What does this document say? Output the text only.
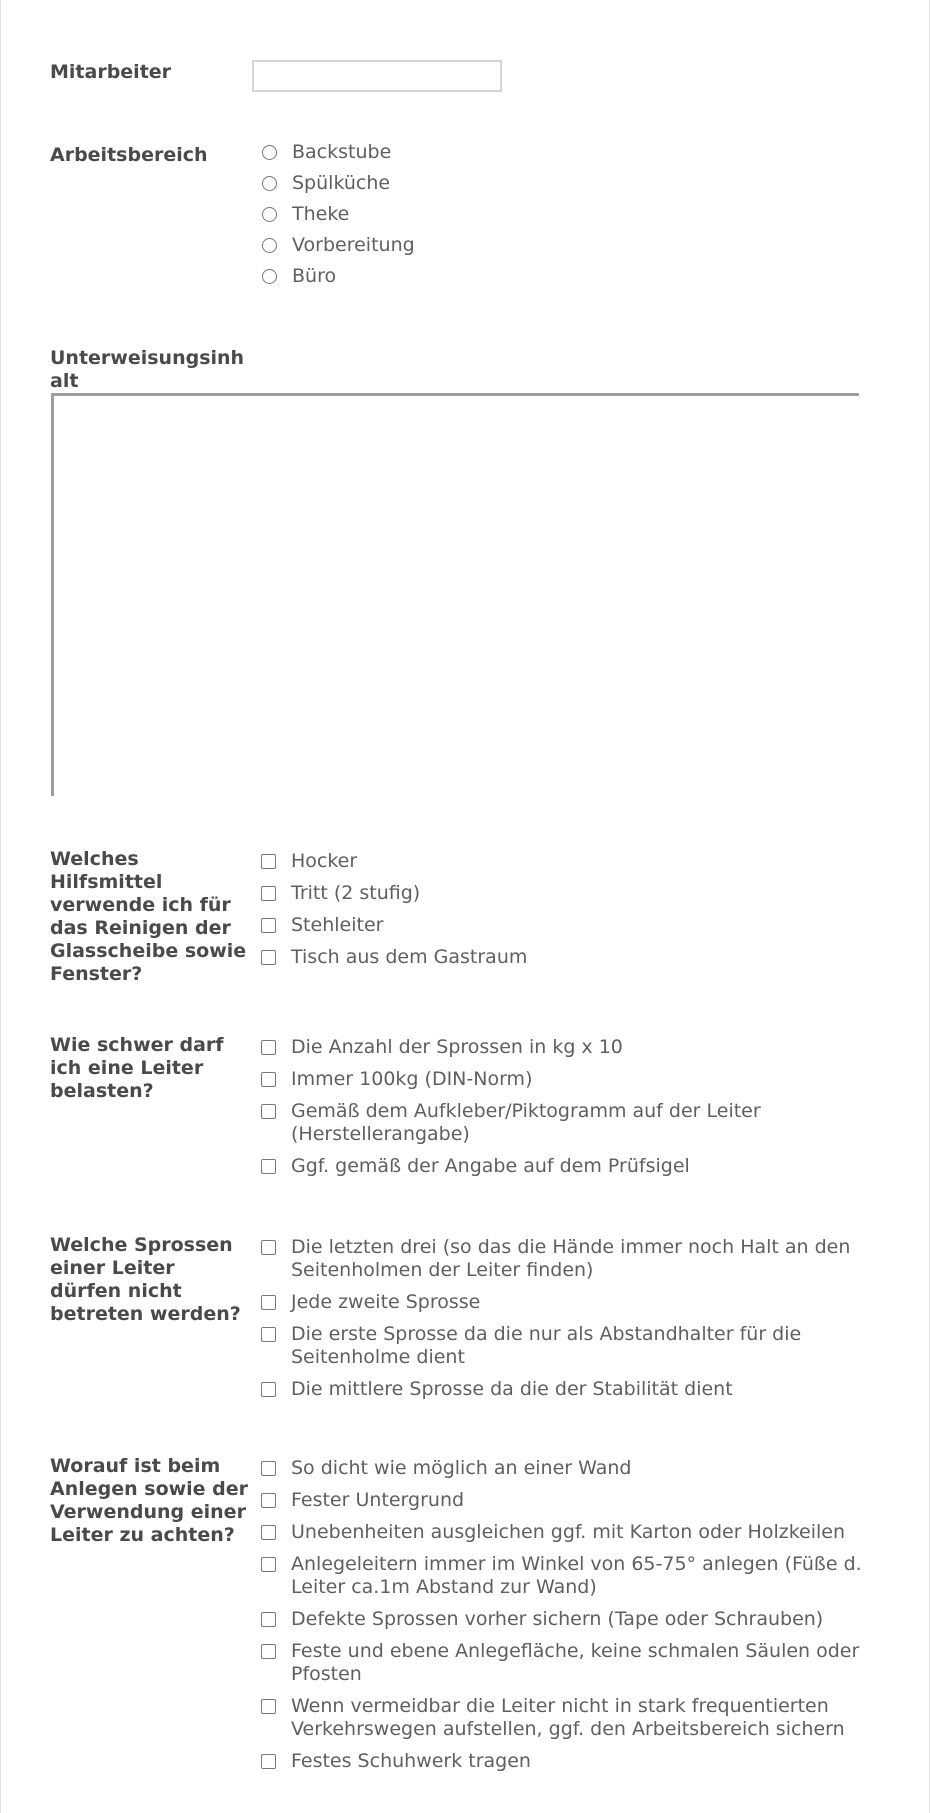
Mitarbeiter
Arbeitsbereich	Backstube
Spülküche
Theke
Vorbereitung
Büro
Unterweisungsinhalt
Welches Hilfsmittel verwende ich für das Reinigen der Glasscheibe sowie Fenster?
Hocker
Tritt (2 stufig)
Stehleiter
Tisch aus dem Gastraum
Wie schwer darf ich eine Leiter belasten?
Die Anzahl der Sprossen in kg x 10
Immer 100kg (DIN-Norm)
Gemäß dem Aufkleber/Piktogramm auf der Leiter (Herstellerangabe)
Ggf. gemäß der Angabe auf dem Prüfsigel
Welche Sprossen einer Leiter dürfen nicht betreten werden?
Die letzten drei (so das die Hände immer noch Halt an den Seitenholmen der Leiter finden)
Jede zweite Sprosse
Die erste Sprosse da die nur als Abstandhalter für die Seitenholme dient
Die mittlere Sprosse da die der Stabilität dient
Worauf ist beim Anlegen sowie der Verwendung einer Leiter zu achten?
So dicht wie möglich an einer Wand
Fester Untergrund
Unebenheiten ausgleichen ggf. mit Karton oder Holzkeilen
Anlegeleitern immer im Winkel von 65-75° anlegen (Füße d. Leiter ca.1m Abstand zur Wand)
Defekte Sprossen vorher sichern (Tape oder Schrauben)
Feste und ebene Anlegefläche, keine schmalen Säulen oder Pfosten
Wenn vermeidbar die Leiter nicht in stark frequentierten Verkehrswegen aufstellen, ggf. den Arbeitsbereich sichern
Festes Schuhwerk tragen
